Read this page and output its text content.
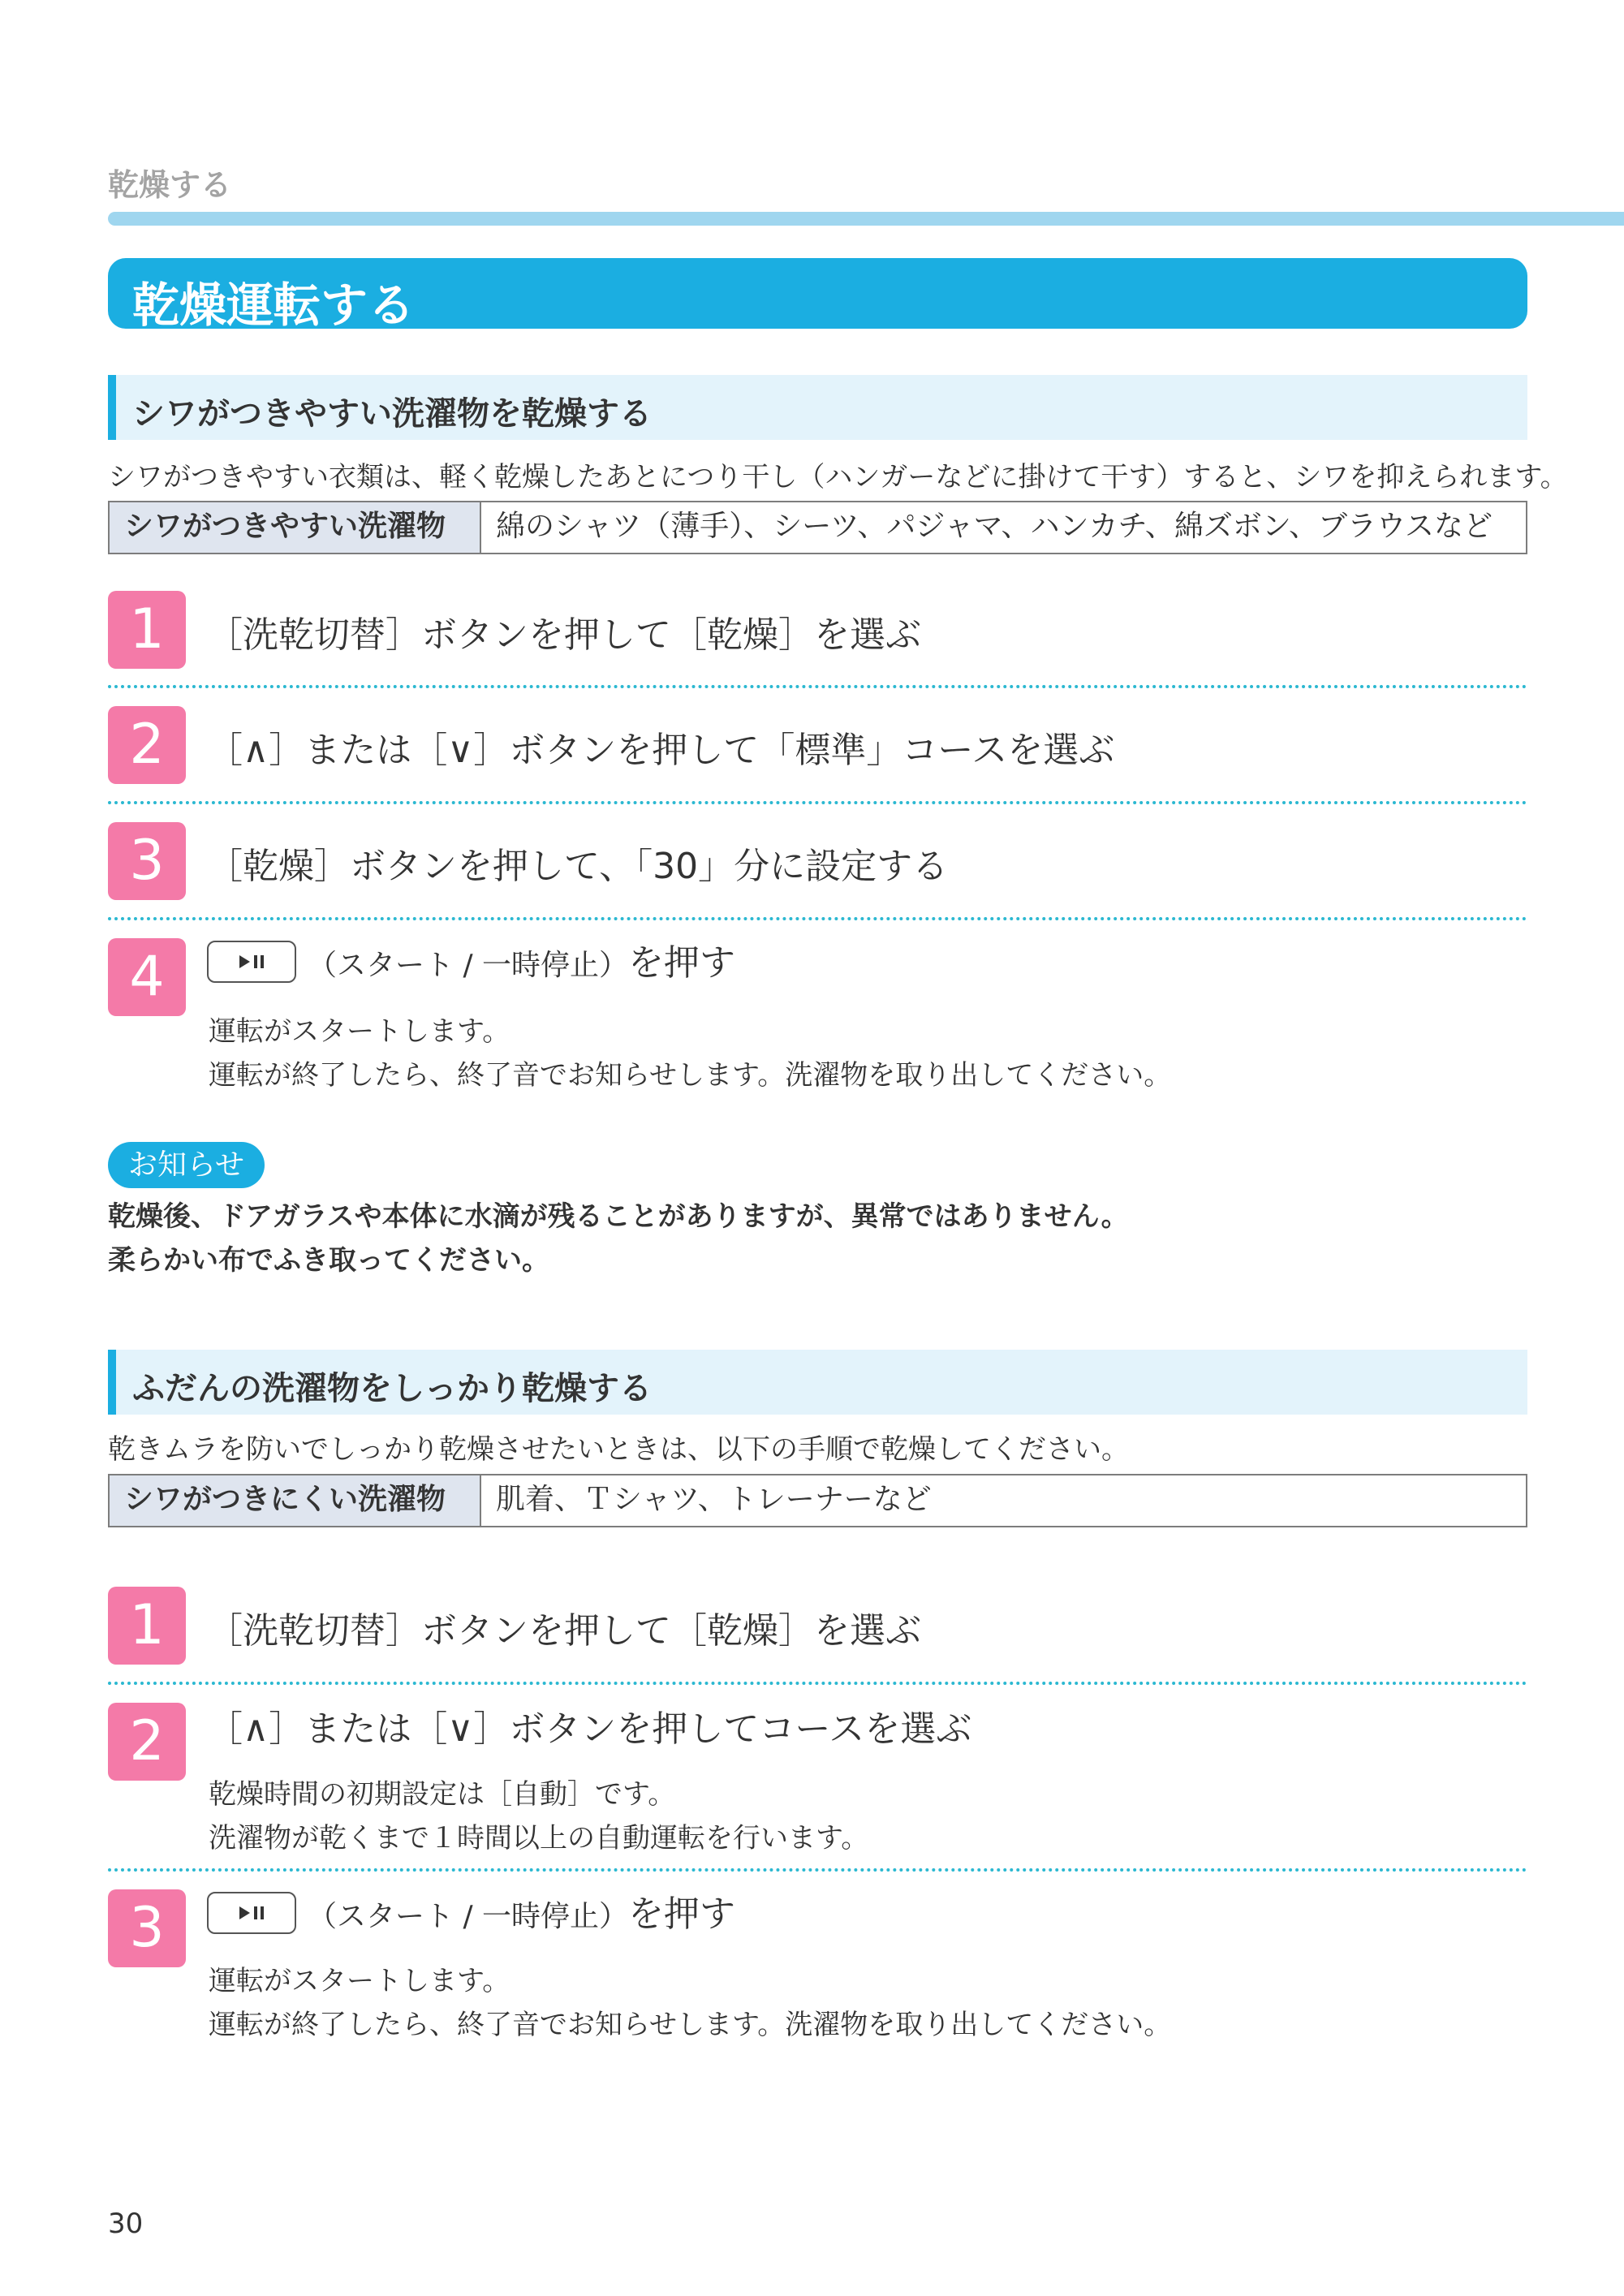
乾燥する
乾燥運転する
シワがつきやすい洗濯物を乾燥する
シワがつきやすい衣類は、軽く乾燥したあとにつり干し（ハンガーなどに掛けて干す）すると、シワを抑えられます。
シワがつきやすい洗濯物	綿のシャツ（薄手）、シーツ、パジャマ、ハンカチ、綿ズボン、ブラウスなど
1	［洗乾切替］ボタンを押して［乾燥］を選ぶ
2	［∧］または［∨］ボタンを押して「標準」コースを選ぶ
3	［乾燥］ボタンを押して、「30」分に設定する
4	（スタート / 一時停止）を押す
運転がスタートします。
運転が終了したら、終了音でお知らせします。洗濯物を取り出してください。
お知らせ
乾燥後、ドアガラスや本体に水滴が残ることがありますが、異常ではありません。
柔らかい布でふき取ってください。
ふだんの洗濯物をしっかり乾燥する
乾きムラを防いでしっかり乾燥させたいときは、以下の手順で乾燥してください。
シワがつきにくい洗濯物	肌着、Ｔシャツ、トレーナーなど
1	［洗乾切替］ボタンを押して［乾燥］を選ぶ
2	［∧］または［∨］ボタンを押してコースを選ぶ
乾燥時間の初期設定は［自動］です。
洗濯物が乾くまで１時間以上の自動運転を行います。
3	（スタート / 一時停止）を押す
運転がスタートします。
運転が終了したら、終了音でお知らせします。洗濯物を取り出してください。
30
